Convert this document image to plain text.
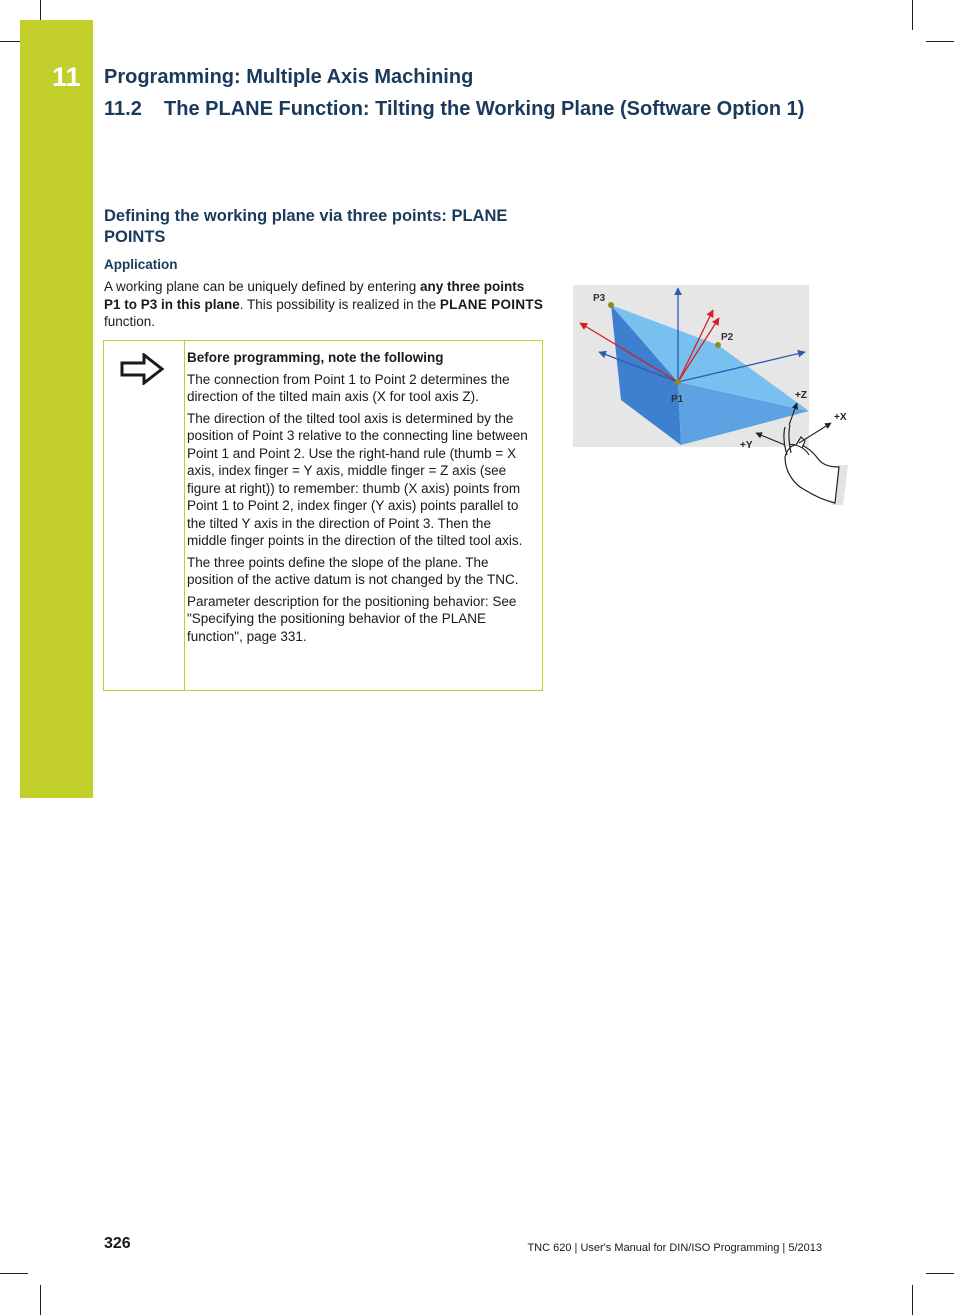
11 Programming: Multiple Axis Machining
11.2    The PLANE Function: Tilting the Working Plane (Software Option 1)
Defining the working plane via three points: PLANE POINTS
Application
A working plane can be uniquely defined by entering any three points P1 to P3 in this plane. This possibility is realized in the PLANE POINTS function.
Before programming, note the following

The connection from Point 1 to Point 2 determines the direction of the tilted main axis (X for tool axis Z).

The direction of the tilted tool axis is determined by the position of Point 3 relative to the connecting line between Point 1 and Point 2. Use the right-hand rule (thumb = X axis, index finger = Y axis, middle finger = Z axis (see figure at right)) to remember: thumb (X axis) points from Point 1 to Point 2, index finger (Y axis) points parallel to the tilted Y axis in the direction of Point 3. Then the middle finger points in the direction of the tilted tool axis.

The three points define the slope of the plane. The position of the active datum is not changed by the TNC.

Parameter description for the positioning behavior: See "Specifying the positioning behavior of the PLANE function", page 331.

P3
P2
P1	+Z
+X
+Y
326	TNC 620 | User's Manual for DIN/ISO Programming | 5/2013
